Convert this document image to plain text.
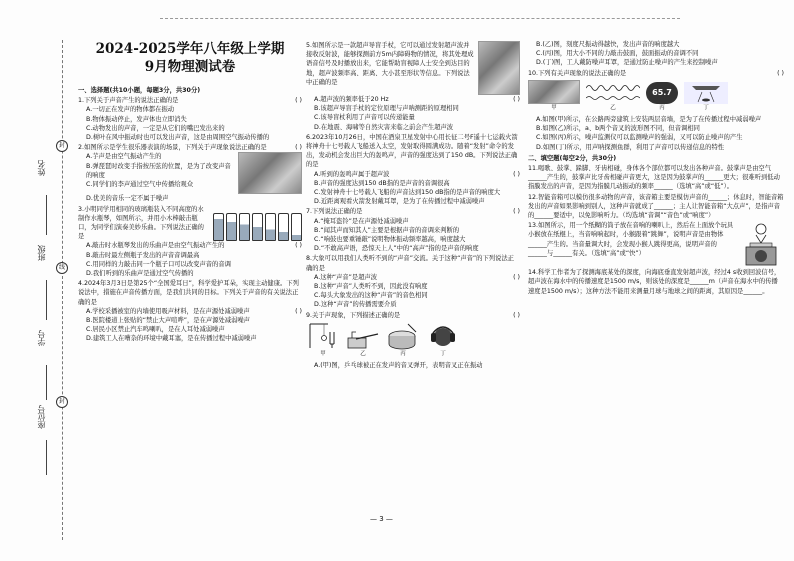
姓名
班级
学号
座位号
封
线
封
2024-2025学年八年级上学期
9月物理测试卷
一、选择题(共10小题，每题3分，共30分)
( )
1.下列关于声音产生的说法正确的是
A.一切正在发声的物体都在振动
B.物体振动停止，发声体也立即消失
C.动物发出的声音，一定是从它们的嘴巴发出来的
D.树叶在风中振动时也可以发出声音，这是由周围空气振动传播的
( )
2.如图所示是学生很乐器表演的场景，下列关于声现象说法正确的是
A.芋声是由空气振动产生的
B.弹琵琶时改变手指按压弦的位置，是为了改变声音的响度
C.同学们的李声通过空气中传播给观众
D.优美的音乐一定不属于噪声
3.小明同学用相同的玻璃瓶装入不同高度的水制作水瓶琴，如图所示，并用小木棒敲击瓶口，为同学们演奏美妙乐曲。下列说法正确的是
( )
A.敲击时水瓶琴发出的乐曲声是由空气振动产生的
B.敲击时最左侧瓶子发出的声音音调最高
C.用同样的力敲击同一个瓶子口可以改变声音的音调
D.我们听到的乐曲声是通过空气传播的
4.2024年3月3日是第25个“全国爱耳日”，科学爱护耳朵，实现主动健康。下列说法中，措施在声音传播方面，是我们共同的目标。下列关于声音的有关说法正确的是
( )
A.学校采播被室的内墙使用吸声材料，是在声源处减弱噪声
B.医院楼道上张贴的“禁止大声喧哗”，是在声源处减弱噪声
C.居民小区禁止汽车鸣喇叭，是在人耳处减弱噪声
D.建筑工人在嘈杂的环境中戴耳塞，是在传播过程中减弱噪声
5.如图所示是一款超声导盲手杖，它可以通过发射超声波并接收反射波，能够探测前方5m内障碍物的情况，将其处理成语音信号及时播放出来，它能帮助盲视障人士安全到达目的地，超声波频率高、距离、大小甚至形状等信息。下列说法中正确的是
( )
A.超声波的频率低于20 Hz
B.该超声导盲手杖的定位原理与声呐测距的原理相同
C.该导盲杖利用了声音可以传递能量
D.在地震、海啸等自然灾害来临之前会产生超声波
6.2023年10月26日，中国在酒泉卫星发射中心用长征二号F遥十七运载火箭将神舟十七号载人飞船送入太空，发射取得圆满成功。随着“发射”命令的发出，发动机会发出巨大的轰鸣声，声音的强度达到了150 dB。下列说法正确的是
( )
A.听到的轰鸣声属于超声波
B.声音的强度达到150 dB指的是声音的音调很高
C.发射神舟十七号载人飞船的声音达到150 dB指的是声音的响度大
D.近距离观看火箭发射戴耳罩，是为了在传播过程中减弱噪声
( )
7.下列说法正确的是
A.“掩耳盗铃”是在声源处减弱噪声
B.“闻其声而知其人”主要是根据声音的音调来判断的
C.“响鼓也要重锤敲”说明物体振动频率越高，响度越大
D.“不敢高声语，恐惊天上人”中的“高声”指的是声音的响度
8.大象可以用我们人类听不到的“声音”交流。关于这种“声音”的下列说法正确的是
( )
A.这种“声音”是超声波
B.这种“声音”人类听不到，因此没有响度
C.每头大象发出的这种“声音”的音色相同
D.这种“声音”的传播需要介质
( )
9.关于声现象，下列描述正确的是
甲	乙	丙	丁
A.(甲)图，乒乓球被正在发声的音叉弹开，表明音叉正在振动
B.(乙)图，刻度尺振动得越快，发出声音的响度越大
C.(丙)图，用大小不同的力敲击鼓面，鼓面振动的音调不同
D.(丁)图，工人戴防噪声耳罩，是通过防止噪声的产生来控制噪声
( )
10.下列有关声现象的说法正确的是
甲	乙
65.7
丙	丁
A.如图(甲)所示，在公路两旁建筑上安装两层音墙，是为了在传播过程中减弱噪声
B.如图(乙)所示，a、b两个音叉的波形图不同，但音调相同
C.如图(丙)所示，噪声监测仪可以监测噪声的强弱，又可以防止噪声的产生
D.如图(丁)所示，用声呐探测鱼群，利用了声音可以传递信息的特性
二、填空题(每空2分，共30分)
11.喝歌、鼓掌、跺脚、牙齿相碰，身体各个部位都可以发出各种声音。鼓掌声是由空气______产生的，鼓掌声比牙齿相碰声音更大，这是因为鼓掌声的______更大；很难听到低动指膜发出的声音，是因为指膜几动振动的频率______（选填“高”或“低”）。
12.智能音箱可以模仿很多动物的声音，该音箱主要是模仿声音的______；休息时，智能音箱发出的声音如果影响到别人，这种声音就成了______；主人让智能音箱“大点声”，是指声音的______要适中，以免影响听力。（均选填“音调”“音色”或“响度”）
13.如图所示，用一个纸糊的筒子放在音响的喇叭上，然后在上面放个玩具小猴放在纸棍上，当音响响起时，小猴跟着“跳舞”，说明声音是由物体______产生的。当音量调大时，会发现小猴人跳得更高，说明声音的______与______有关。（选填“高”或“快”）
14.科学工作者为了探测海底某处的深度，向海底垂直发射超声波，经过4 s收到回波信号，超声波在海水中的传播速度是1500 m/s，则该处的深度是______m（声音在海水中的传播速度是1500 m/s）；这种方法不能用来测量月球与地球之间的距离，其原因是______。
— 3 —
